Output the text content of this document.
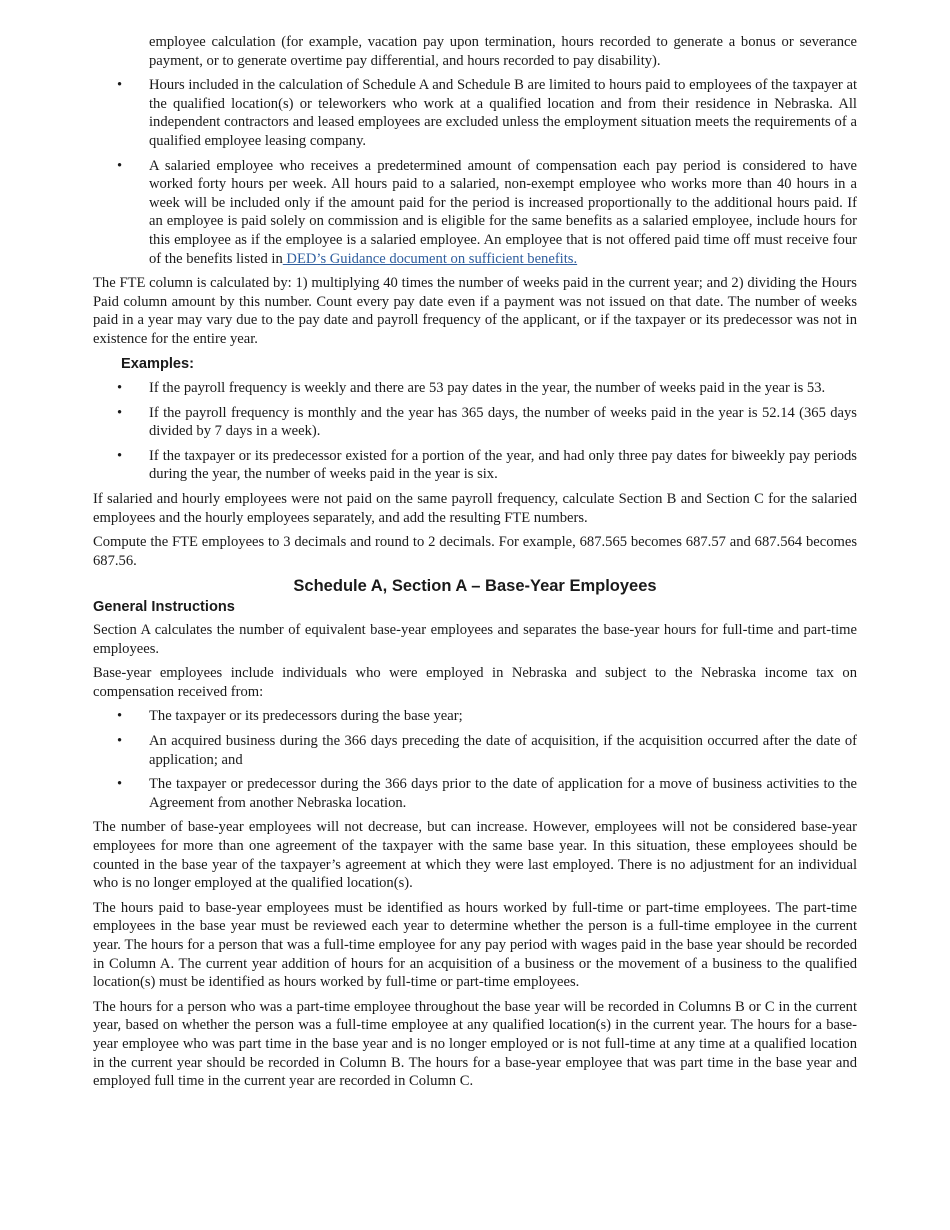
employee calculation (for example, vacation pay upon termination, hours recorded to generate a bonus or severance payment, or to generate overtime pay differential, and hours recorded to pay disability).

• Hours included in the calculation of Schedule A and Schedule B are limited to hours paid to employees of the taxpayer at the qualified location(s) or teleworkers who work at a qualified location and from their residence in Nebraska. All independent contractors and leased employees are excluded unless the employment situation meets the requirements of a qualified employee leasing company.
• A salaried employee who receives a predetermined amount of compensation each pay period is considered to have worked forty hours per week. All hours paid to a salaried, non-exempt employee who works more than 40 hours in a week will be included only if the amount paid for the period is increased proportionally to the additional hours paid. If an employee is paid solely on commission and is eligible for the same benefits as a salaried employee, include hours for this employee as if the employee is a salaried employee. An employee that is not offered paid time off must receive four of the benefits listed in DED’s Guidance document on sufficient benefits.

The FTE column is calculated by: 1) multiplying 40 times the number of weeks paid in the current year; and 2) dividing the Hours Paid column amount by this number. Count every pay date even if a payment was not issued on that date. The number of weeks paid in a year may vary due to the pay date and payroll frequency of the applicant, or if the taxpayer or its predecessor was not in existence for the entire year.

Examples:
• If the payroll frequency is weekly and there are 53 pay dates in the year, the number of weeks paid in the year is 53.
• If the payroll frequency is monthly and the year has 365 days, the number of weeks paid in the year is 52.14 (365 days divided by 7 days in a week).
• If the taxpayer or its predecessor existed for a portion of the year, and had only three pay dates for biweekly pay periods during the year, the number of weeks paid in the year is six.

If salaried and hourly employees were not paid on the same payroll frequency, calculate Section B and Section C for the salaried employees and the hourly employees separately, and add the resulting FTE numbers.

Compute the FTE employees to 3 decimals and round to 2 decimals. For example, 687.565 becomes 687.57 and 687.564 becomes 687.56.

Schedule A, Section A – Base-Year Employees
General Instructions

Section A calculates the number of equivalent base-year employees and separates the base-year hours for full-time and part-time employees.

Base-year employees include individuals who were employed in Nebraska and subject to the Nebraska income tax on compensation received from:

• The taxpayer or its predecessors during the base year;
• An acquired business during the 366 days preceding the date of acquisition, if the acquisition occurred after the date of application; and
• The taxpayer or predecessor during the 366 days prior to the date of application for a move of business activities to the Agreement from another Nebraska location.

The number of base-year employees will not decrease, but can increase. However, employees will not be considered base-year employees for more than one agreement of the taxpayer with the same base year. In this situation, these employees should be counted in the base year of the taxpayer’s agreement at which they were last employed. There is no adjustment for an individual who is no longer employed at the qualified location(s).

The hours paid to base-year employees must be identified as hours worked by full-time or part-time employees. The part-time employees in the base year must be reviewed each year to determine whether the person is a full-time employee in the current year. The hours for a person that was a full-time employee for any pay period with wages paid in the base year should be recorded in Column A. The current year addition of hours for an acquisition of a business or the movement of a business to the qualified location(s) must be identified as hours worked by full-time or part-time employees.

The hours for a person who was a part-time employee throughout the base year will be recorded in Columns B or C in the current year, based on whether the person was a full-time employee at any qualified location(s) in the current year. The hours for a base-year employee who was part time in the base year and is no longer employed or is not full-time at any time at a qualified location in the current year should be recorded in Column B. The hours for a base-year employee that was part time in the base year and employed full time in the current year are recorded in Column C.
